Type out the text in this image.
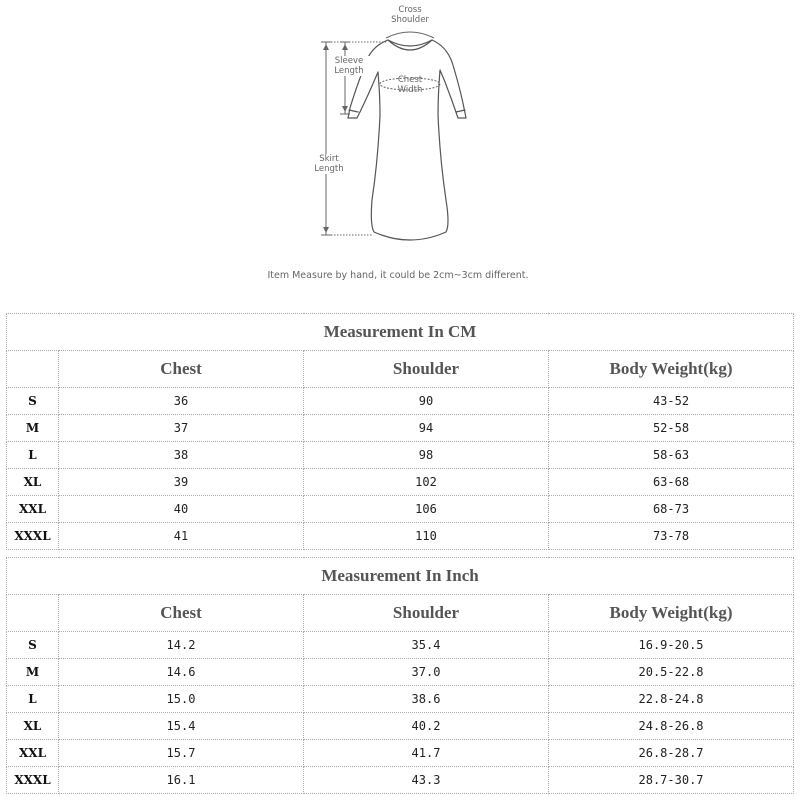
Cross
Shoulder
Sleeve
Length
Chest
Width
Skirt
Length
Item Measure by hand, it could be 2cm~3cm different.
Measurement In CM			
	Chest	Shoulder	Body Weight(kg)
S	36	90	43-52
M	37	94	52-58
L	38	98	58-63
XL	39	102	63-68
XXL	40	106	68-73
XXXL	41	110	73-78
Measurement In Inch			
	Chest	Shoulder	Body Weight(kg)
S	14.2	35.4	16.9-20.5
M	14.6	37.0	20.5-22.8
L	15.0	38.6	22.8-24.8
XL	15.4	40.2	24.8-26.8
XXL	15.7	41.7	26.8-28.7
XXXL	16.1	43.3	28.7-30.7
